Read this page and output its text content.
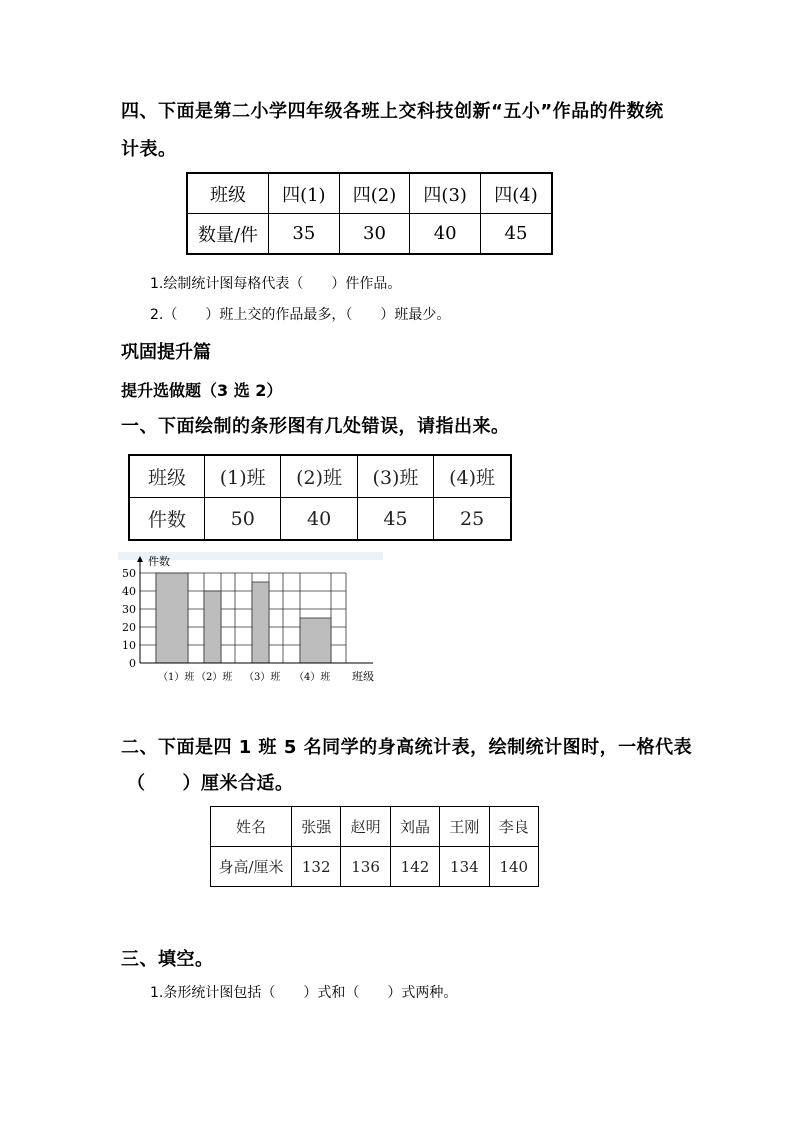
四、下面是第二小学四年级各班上交科技创新“五小”作品的件数统
计表。
班级	四(1)	四(2)	四(3)	四(4)
数量/件	35	30	40	45
1.绘制统计图每格代表（　　）件作品。
2.（　　）班上交的作品最多，（　　）班最少。
巩固提升篇
提升选做题（3 选 2）
一、下面绘制的条形图有几处错误，请指出来。
班级	(1)班	(2)班	(3)班	(4)班
件数	50	40	45	25
0
10
20
30
40
50
（1）班 （2）班 （3）班 （4）班
件数
班级
二、下面是四 1 班 5 名同学的身高统计表，绘制统计图时，一格代表
（　　）厘米合适。
姓名	张强	赵明	刘晶	王刚	李良
身高/厘米	132	136	142	134	140
三、填空。
1.条形统计图包括（　　）式和（　　）式两种。
